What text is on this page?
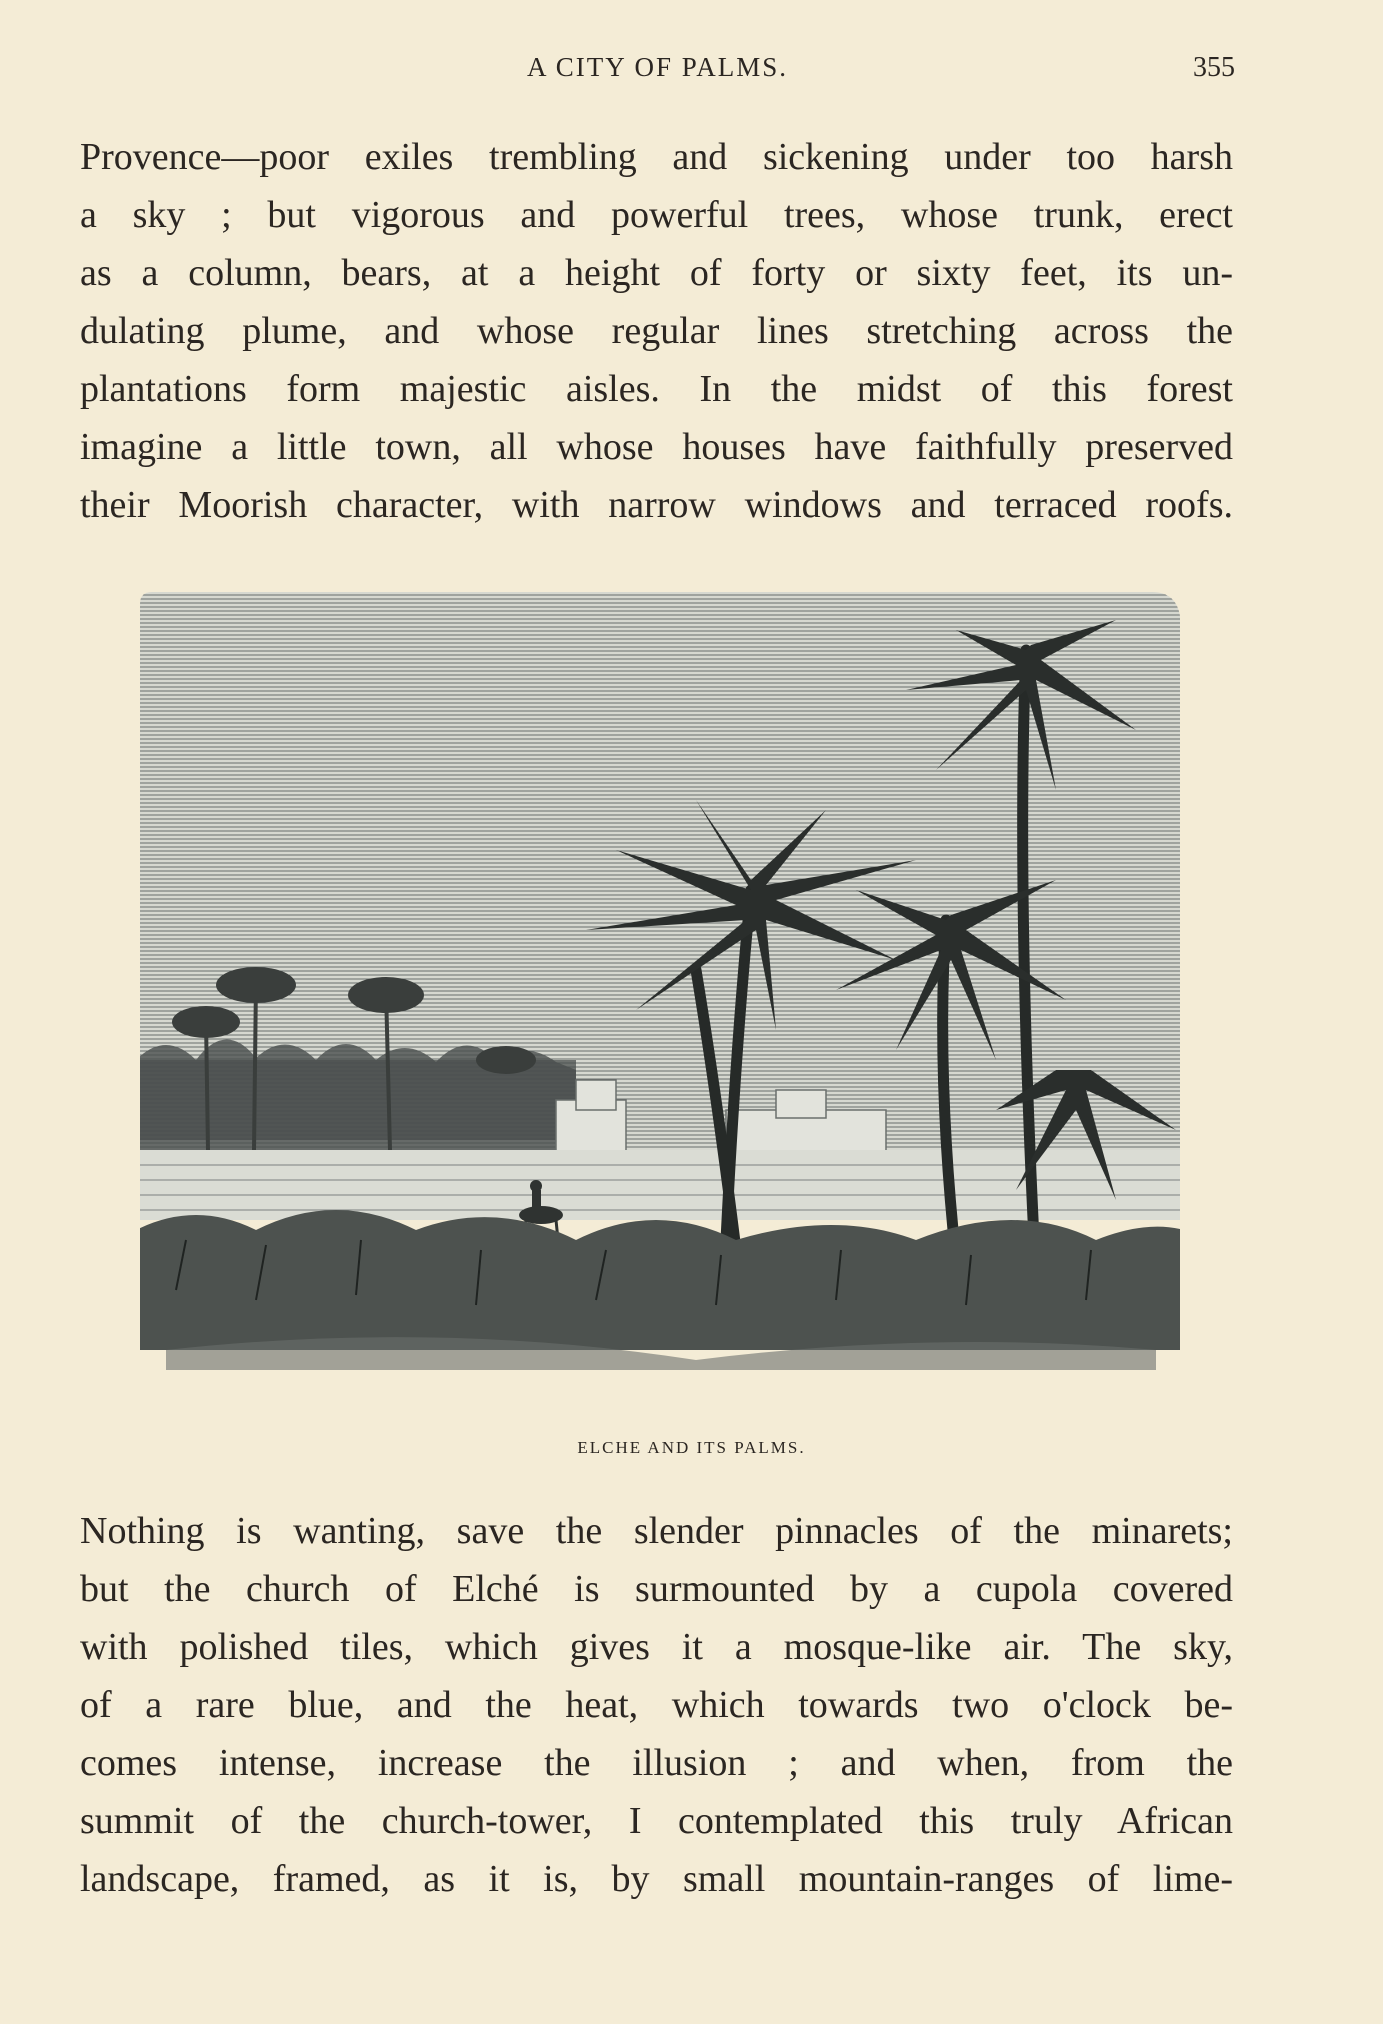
A CITY OF PALMS.	355
Provence—poor exiles trembling and sickening under too harsh
a sky ; but vigorous and powerful trees, whose trunk, erect
as a column, bears, at a height of forty or sixty feet, its un-
dulating plume, and whose regular lines stretching across the
plantations form majestic aisles. In the midst of this forest
imagine a little town, all whose houses have faithfully preserved
their Moorish character, with narrow windows and terraced roofs.
ELCHE AND ITS PALMS.
Nothing is wanting, save the slender pinnacles of the minarets;
but the church of Elché is surmounted by a cupola covered
with polished tiles, which gives it a mosque-like air. The sky,
of a rare blue, and the heat, which towards two o'clock be-
comes intense, increase the illusion ; and when, from the
summit of the church-tower, I contemplated this truly African
landscape, framed, as it is, by small mountain-ranges of lime-
